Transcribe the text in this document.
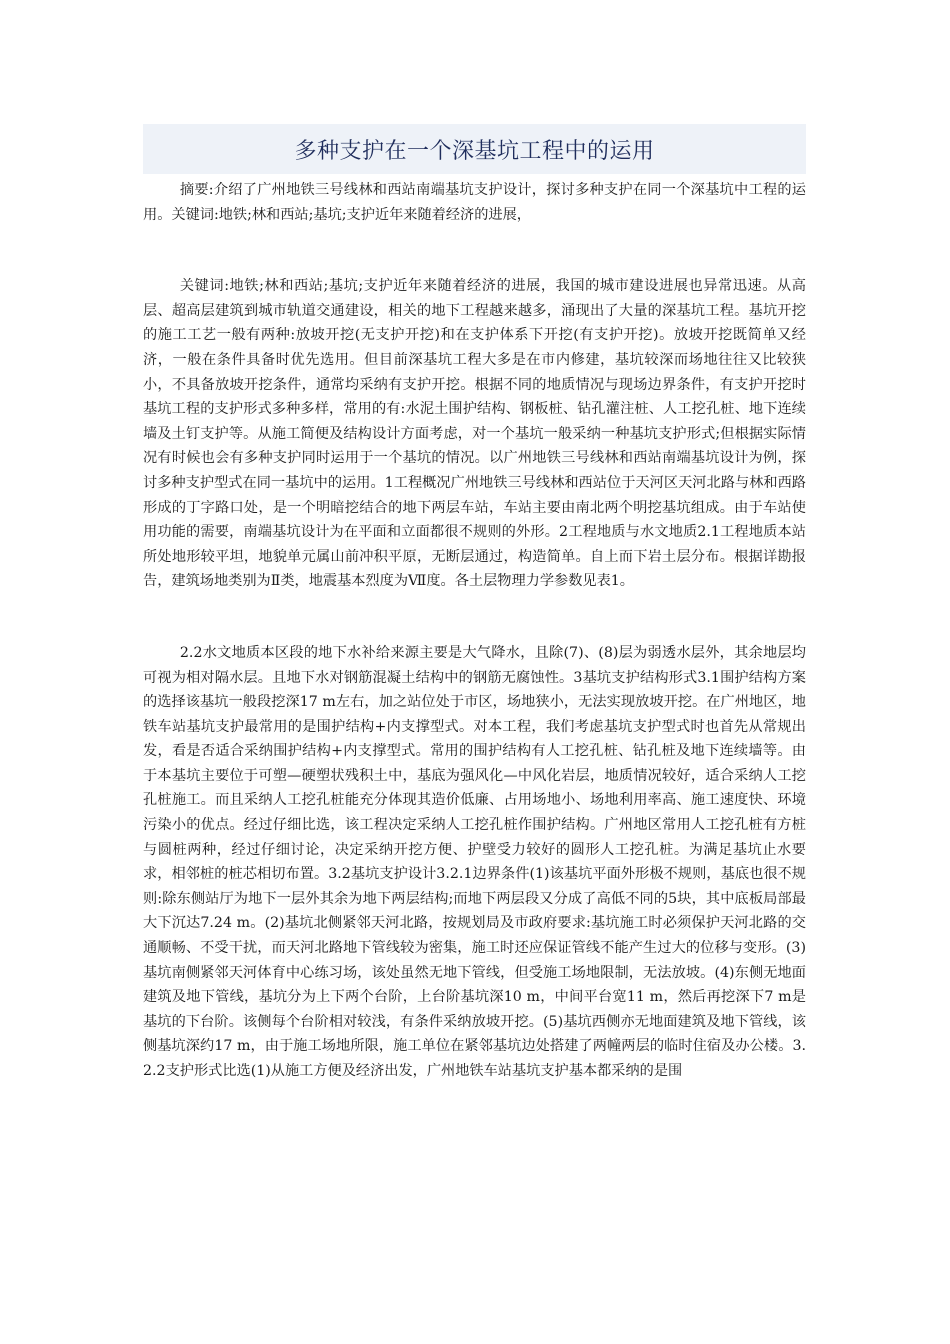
多种支护在一个深基坑工程中的运用

摘要:介绍了广州地铁三号线林和西站南端基坑支护设计，探讨多种支护在同一个深基坑中工程的运用。关键词:地铁;林和西站;基坑;支护近年来随着经济的进展，

关键词:地铁;林和西站;基坑;支护近年来随着经济的进展，我国的城市建设进展也异常迅速。从高层、超高层建筑到城市轨道交通建设，相关的地下工程越来越多，涌现出了大量的深基坑工程。基坑开挖的施工工艺一般有两种:放坡开挖(无支护开挖)和在支护体系下开挖(有支护开挖)。放坡开挖既简单又经济，一般在条件具备时优先选用。但目前深基坑工程大多是在市内修建，基坑较深而场地往往又比较狭小，不具备放坡开挖条件，通常均采纳有支护开挖。根据不同的地质情况与现场边界条件，有支护开挖时基坑工程的支护形式多种多样，常用的有:水泥土围护结构、钢板桩、钻孔灌注桩、人工挖孔桩、地下连续墙及土钉支护等。从施工简便及结构设计方面考虑，对一个基坑一般采纳一种基坑支护形式;但根据实际情况有时候也会有多种支护同时运用于一个基坑的情况。以广州地铁三号线林和西站南端基坑设计为例，探讨多种支护型式在同一基坑中的运用。1工程概况广州地铁三号线林和西站位于天河区天河北路与林和西路形成的丁字路口处，是一个明暗挖结合的地下两层车站，车站主要由南北两个明挖基坑组成。由于车站使用功能的需要，南端基坑设计为在平面和立面都很不规则的外形。2工程地质与水文地质2.1工程地质本站所处地形较平坦，地貌单元属山前冲积平原，无断层通过，构造简单。自上而下岩土层分布。根据详勘报告，建筑场地类别为Ⅱ类，地震基本烈度为Ⅶ度。各土层物理力学参数见表1。

2.2水文地质本区段的地下水补给来源主要是大气降水，且除(7)、(8)层为弱透水层外，其余地层均可视为相对隔水层。且地下水对钢筋混凝土结构中的钢筋无腐蚀性。3基坑支护结构形式3.1围护结构方案的选择该基坑一般段挖深17 m左右，加之站位处于市区，场地狭小，无法实现放坡开挖。在广州地区，地铁车站基坑支护最常用的是围护结构+内支撑型式。对本工程，我们考虑基坑支护型式时也首先从常规出发，看是否适合采纳围护结构+内支撑型式。常用的围护结构有人工挖孔桩、钻孔桩及地下连续墙等。由于本基坑主要位于可塑—硬塑状残积土中，基底为强风化—中风化岩层，地质情况较好，适合采纳人工挖孔桩施工。而且采纳人工挖孔桩能充分体现其造价低廉、占用场地小、场地利用率高、施工速度快、环境污染小的优点。经过仔细比选，该工程决定采纳人工挖孔桩作围护结构。广州地区常用人工挖孔桩有方桩与圆桩两种，经过仔细讨论，决定采纳开挖方便、护壁受力较好的圆形人工挖孔桩。为满足基坑止水要求，相邻桩的桩芯相切布置。3.2基坑支护设计3.2.1边界条件(1)该基坑平面外形极不规则，基底也很不规则:除东侧站厅为地下一层外其余为地下两层结构;而地下两层段又分成了高低不同的5块，其中底板局部最大下沉达7.24 m。(2)基坑北侧紧邻天河北路，按规划局及市政府要求:基坑施工时必须保护天河北路的交通顺畅、不受干扰，而天河北路地下管线较为密集，施工时还应保证管线不能产生过大的位移与变形。(3)基坑南侧紧邻天河体育中心练习场，该处虽然无地下管线，但受施工场地限制，无法放坡。(4)东侧无地面建筑及地下管线，基坑分为上下两个台阶，上台阶基坑深10 m，中间平台宽11 m，然后再挖深下7 m是基坑的下台阶。该侧每个台阶相对较浅，有条件采纳放坡开挖。(5)基坑西侧亦无地面建筑及地下管线，该侧基坑深约17 m，由于施工场地所限，施工单位在紧邻基坑边处搭建了两幢两层的临时住宿及办公楼。3.2.2支护形式比选(1)从施工方便及经济出发，广州地铁车站基坑支护基本都采纳的是围
